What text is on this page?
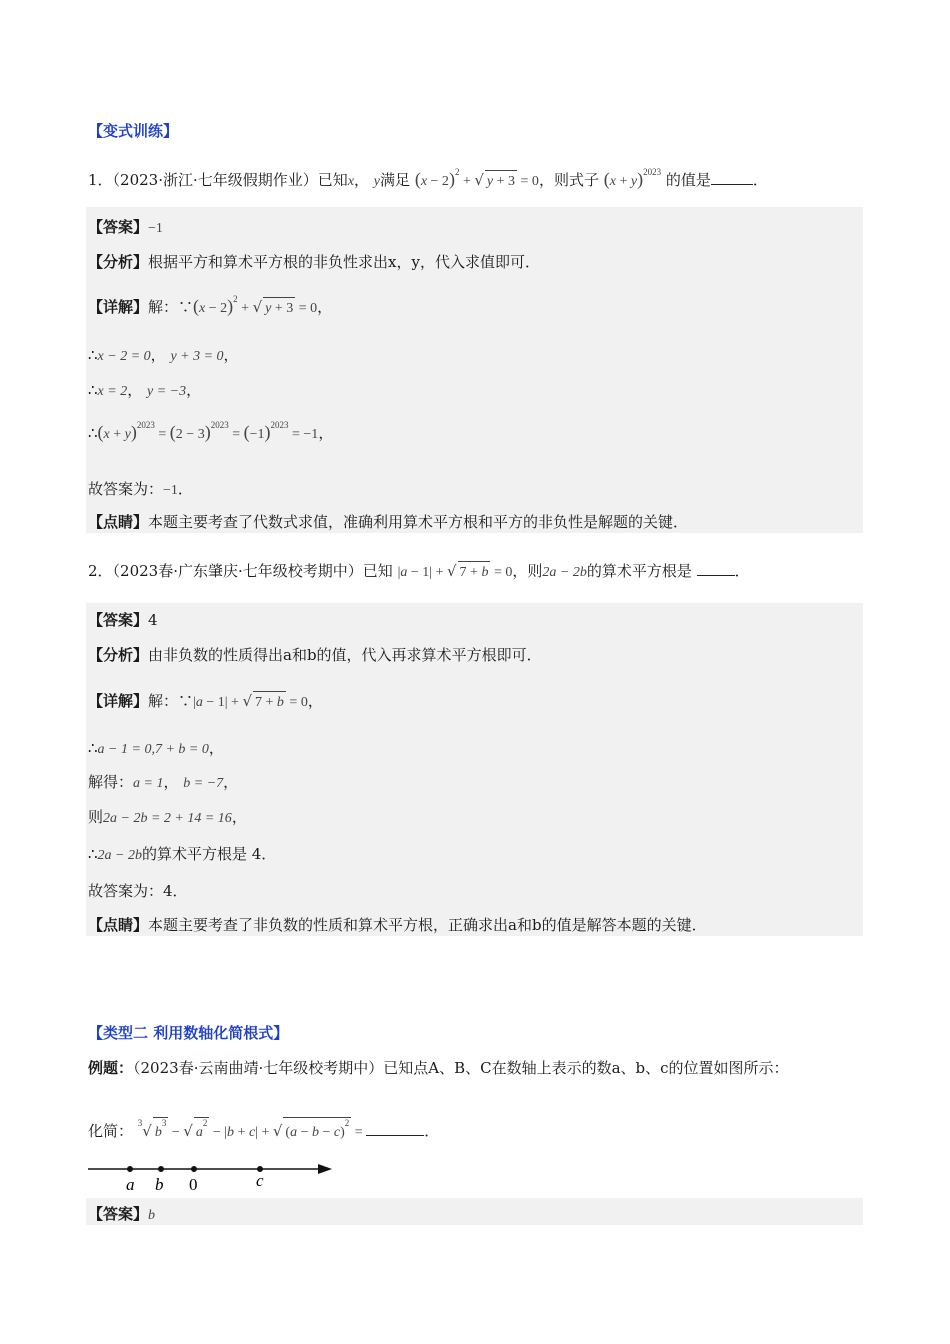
【变式训练】
1．（2023·浙江·七年级假期作业）已知x， y满足 $(x - 2)^2$ + √ y + 3 = 0，则式子 $(x + y)^{2023}$ 的值是	．
【答案】−1
【分析】根据平方和算术平方根的非负性求出x，y，代入求值即可．
【详解】解：∵(x − 2)$^2$ + √ y + 3 = 0，
∴x − 2 = 0， y + 3 = 0，
∴x = 2， y = −3，
∴(x + $y)^{2023} = (2 - 3)^{2023} = (-1)^{2023} = -1$，
故答案为：−1．
【点睛】本题主要考查了代数式求值，准确利用算术平方根和平方的非负性是解题的关键．
2．（2023春·广东肇庆·七年级校考期中）已知 |a − 1| + √ 7 + b = 0，则2a − 2b的算术平方根是	．
【答案】4
【分析】由非负数的性质得出a和b的值，代入再求算术平方根即可．
【详解】解：∵|a − 1| + √ 7 + b = 0，
∴a − 1 = 0,7 + b = 0，
解得：a = 1， b = −7，
则2a − 2b = 2 + 14 = 16，
∴2a − 2b的算术平方根是 4．
故答案为：4．
【点睛】本题主要考查了非负数的性质和算术平方根，正确求出a和b的值是解答本题的关键．
【类型二 利用数轴化简根式】
例题：（2023春·云南曲靖·七年级校考期中）已知点A、B、C在数轴上表示的数a、b、c的位置如图所示：
化简： $^3$√ $b^3$ − √ $a^2 - |b + c|$ + √ $(a - b - c)^2$ =	．
a b 0	c
【答案】b
